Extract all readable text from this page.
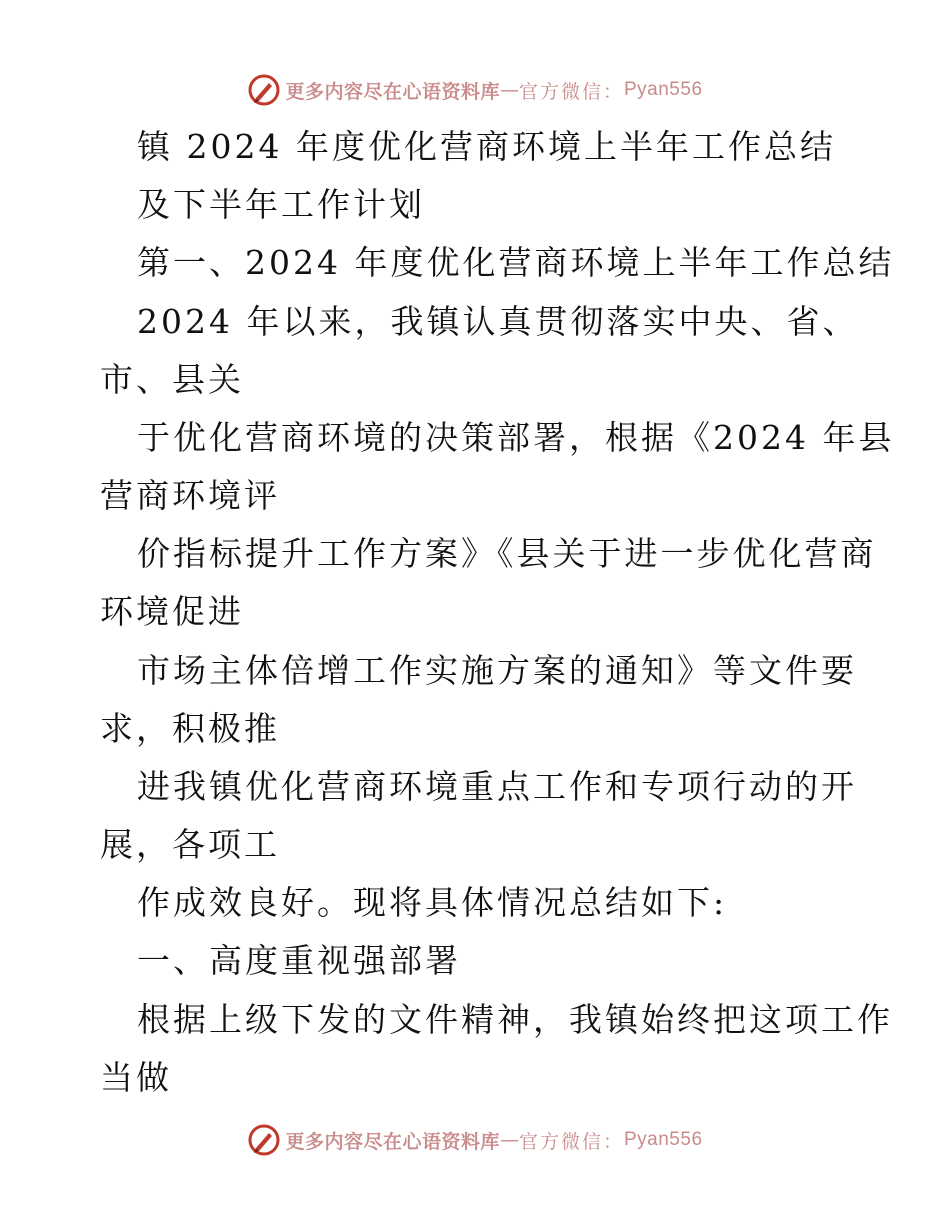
更多内容尽在心语资料库 — 官方微信： Pyan556
镇 2024 年度优化营商环境上半年工作总结
及下半年工作计划
第一、2024 年度优化营商环境上半年工作总结
2024 年以来，我镇认真贯彻落实中央、省、
市、县关
于优化营商环境的决策部署，根据《2024 年县
营商环境评
价指标提升工作方案》《县关于进一步优化营商
环境促进
市场主体倍增工作实施方案的通知》等文件要
求，积极推
进我镇优化营商环境重点工作和专项行动的开
展，各项工
作成效良好。现将具体情况总结如下:
一、高度重视强部署
根据上级下发的文件精神，我镇始终把这项工作
当做
更多内容尽在心语资料库 — 官方微信： Pyan556
